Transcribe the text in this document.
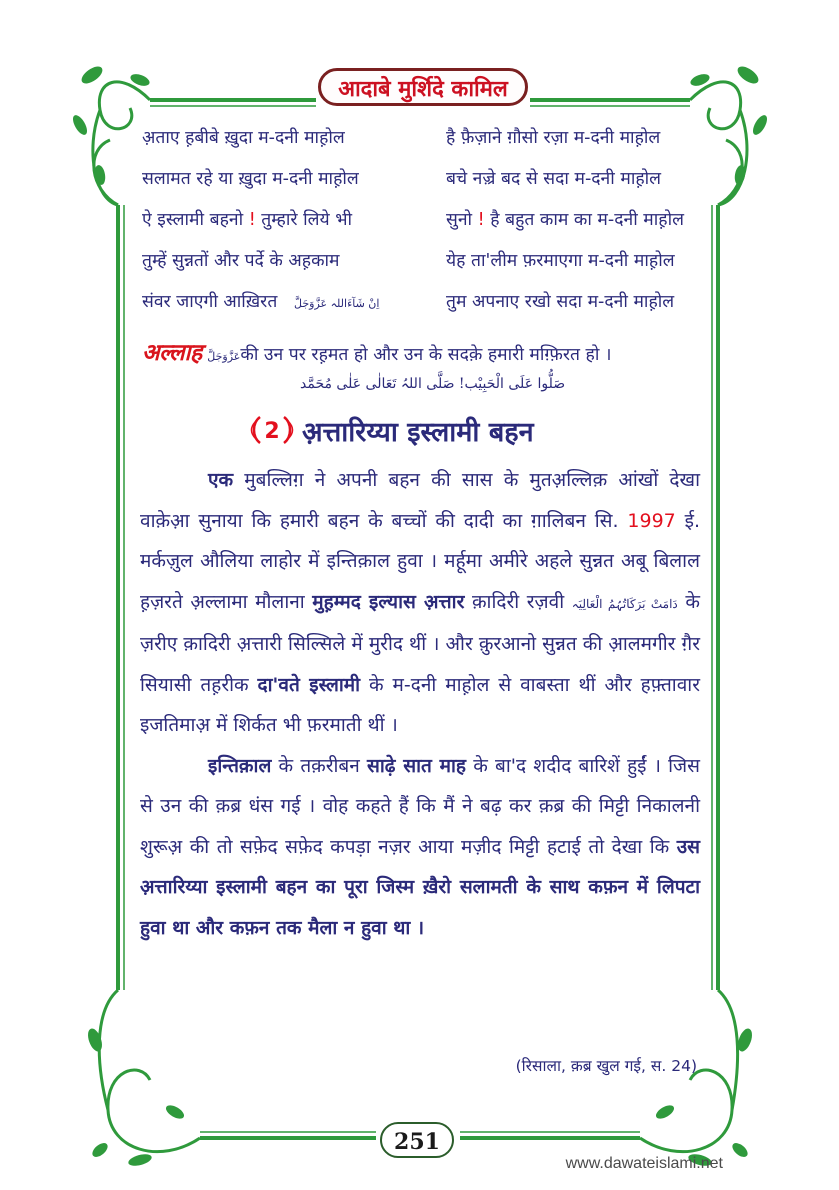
आदाबे मुर्शिदे कामिल
अ़ताए ह़बीबे ख़ुदा म-दनी माह़ोल	है फ़ैज़ाने ग़ौसो रज़ा म-दनी माह़ोल
सलामत रहे या ख़ुदा म-दनी माह़ोल	बचे नज़्रे बद से सदा म-दनी माह़ोल
ऐ इस्लामी बहनो ! तुम्हारे लिये भी	सुनो ! है बहुत काम का म-दनी माह़ोल
तुम्हें सुन्नतों और पर्दे के अह़काम	येह ता'लीम फ़रमाएगा म-दनी माह़ोल
संवर जाएगी आख़िरत اِنْ شَآءَاللہ عَزَّوَجَلَّ	तुम अपनाए रखो सदा म-दनी माह़ोल
अल्लाह عَزَّوَجَلَّकी उन पर रह़मत हो और उन के सदक़े हमारी मग़्फ़िरत हो ।
صَلُّوا عَلَی الْحَبِیْب! صَلَّی اللہُ تَعَالٰی عَلٰی مُحَمَّد
2 अ़त्तारिय्या इस्लामी बहन

एक मुबल्लिग़ ने अपनी बहन की सास के मुतअ़ल्लिक़ आंखों देखा वाक़ेआ़ सुनाया कि हमारी बहन के बच्चों की दादी का ग़ालिबन सि. 1997 ई. मर्कज़ुल औलिया लाहोर में इन्तिक़ाल हुवा । मर्हूमा अमीरे अहले सुन्नत अबू बिलाल ह़ज़रते अ़ल्लामा मौलाना मुह़म्मद इल्यास अ़त्तार क़ादिरी रज़वी دَامَتْ بَرَکَاتُہُمُ الْعَالِیَہ के ज़रीए क़ादिरी अ़त्तारी सिल्सिले में मुरीद थीं । और क़ुरआनो सुन्नत की आ़लमगीर ग़ैर सियासी तह़रीक दा'वते इस्लामी के म-दनी माह़ोल से वाबस्ता थीं और हफ़्तावार इजतिमाअ़ में शिर्कत भी फ़रमाती थीं ।

इन्तिक़ाल के तक़रीबन साढ़े सात माह के बा'द शदीद बारिशें हुईं । जिस से उन की क़ब्र धंस गई । वोह कहते हैं कि मैं ने बढ़ कर क़ब्र की मिट्टी निकालनी शुरूअ़ की तो सफ़ेद सफ़ेद कपड़ा नज़र आया मज़ीद मिट्टी हटाई तो देखा कि उस अ़त्तारिय्या इस्लामी बहन का पूरा जिस्म ख़ैरो सलामती के साथ कफ़न में लिपटा हुवा था और कफ़न तक मैला न हुवा था ।

(रिसाला, क़ब्र खुल गई, स. 24)
251
www.dawateislami.net
